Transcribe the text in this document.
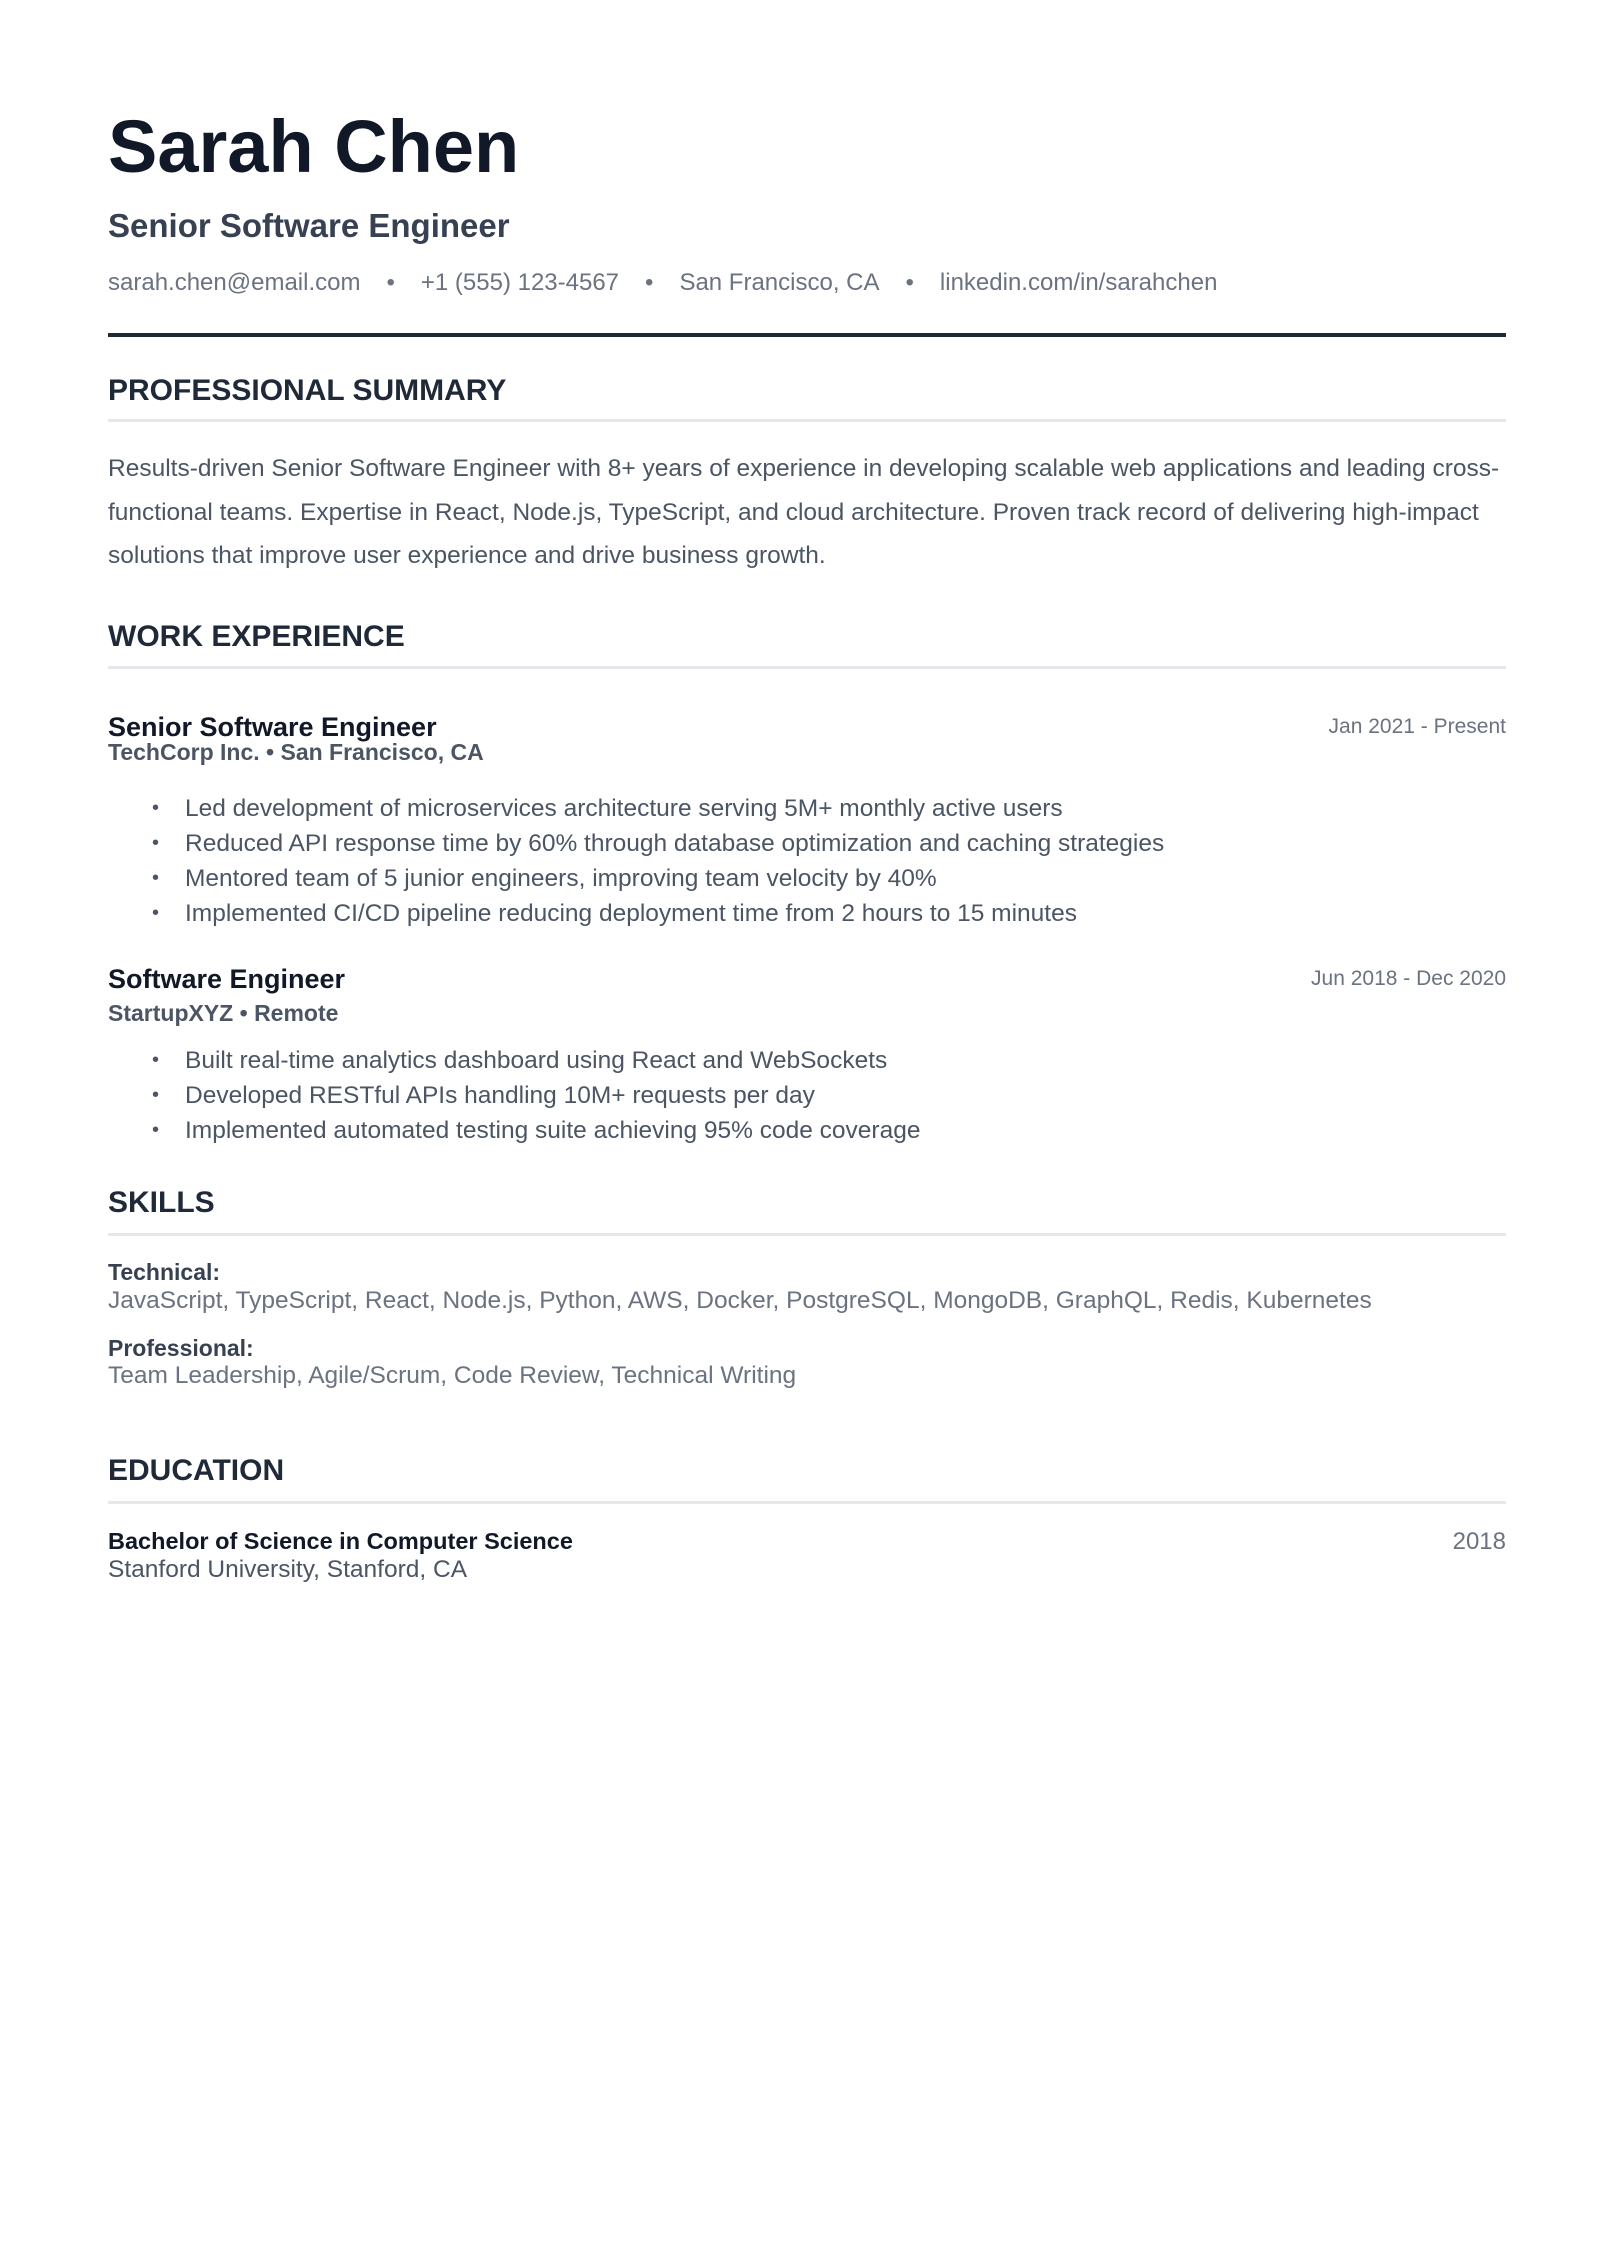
Sarah Chen
Senior Software Engineer
sarah.chen@email.com • +1 (555) 123-4567 • San Francisco, CA • linkedin.com/in/sarahchen
PROFESSIONAL SUMMARY
Results-driven Senior Software Engineer with 8+ years of experience in developing scalable web applications and leading cross-functional teams. Expertise in React, Node.js, TypeScript, and cloud architecture. Proven track record of delivering high-impact solutions that improve user experience and drive business growth.
WORK EXPERIENCE
Senior Software Engineer	Jan 2021 - Present
TechCorp Inc. • San Francisco, CA
• Led development of microservices architecture serving 5M+ monthly active users
• Reduced API response time by 60% through database optimization and caching strategies
• Mentored team of 5 junior engineers, improving team velocity by 40%
• Implemented CI/CD pipeline reducing deployment time from 2 hours to 15 minutes
Software Engineer	Jun 2018 - Dec 2020
StartupXYZ • Remote
• Built real-time analytics dashboard using React and WebSockets
• Developed RESTful APIs handling 10M+ requests per day
• Implemented automated testing suite achieving 95% code coverage
SKILLS
Technical:
JavaScript, TypeScript, React, Node.js, Python, AWS, Docker, PostgreSQL, MongoDB, GraphQL, Redis, Kubernetes
Professional:
Team Leadership, Agile/Scrum, Code Review, Technical Writing
EDUCATION
Bachelor of Science in Computer Science	2018
Stanford University, Stanford, CA
